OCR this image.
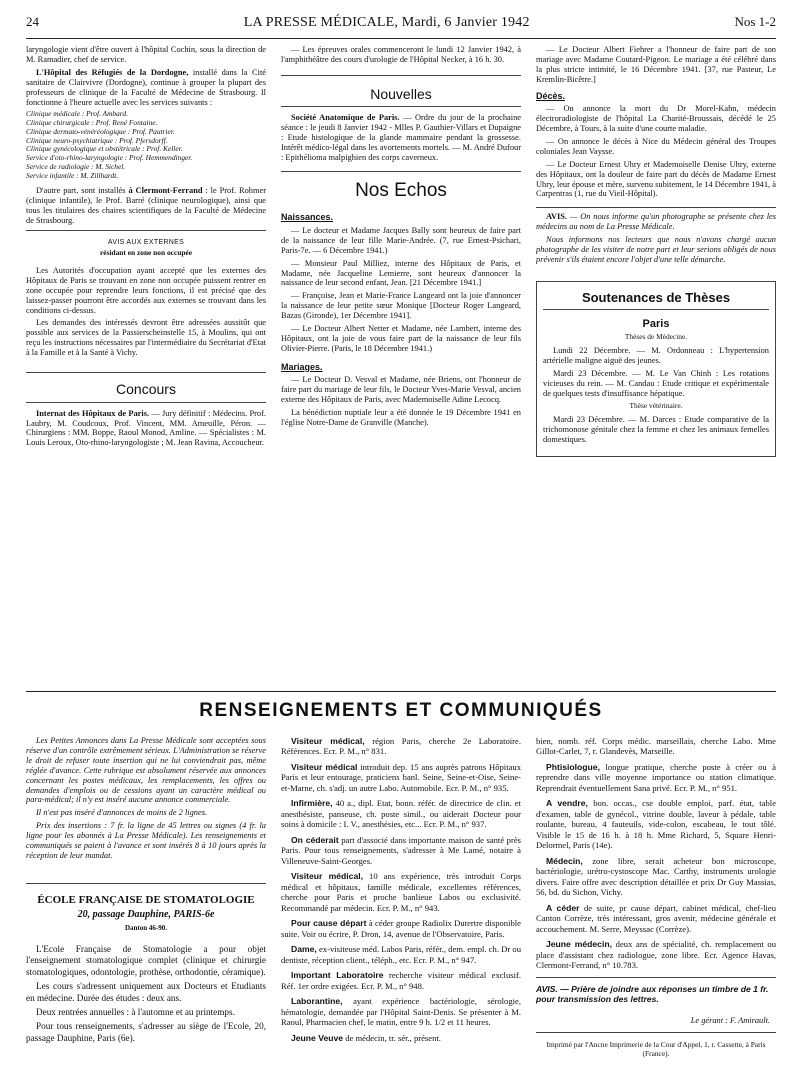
24	LA PRESSE MÉDICALE, Mardi, 6 Janvier 1942	Nos 1-2

laryngologie vient d'être ouvert à l'hôpital Cochin, sous la direction de M. Ramadier, chef de service.

L'Hôpital des Réfugiés de la Dordogne, installé dans la Cité sanitaire de Clairvivre (Dordogne), continue à grouper la plupart des professeurs de clinique de la Faculté de Médecine de Strasbourg. Il fonctionne à l'heure actuelle avec les services suivants :

Clinique médicale : Prof. Ambard.
Clinique chirurgicale : Prof. René Fontaine.
Clinique dermato-vénéréologique : Prof. Pautrier.
Clinique neuro-psychiatrique : Prof. Pfersdorff.
Clinique gynécologique et obstétricale : Prof. Keller.
Service d'oto-rhino-laryngologie : Prof. Hemmendinger.
Service de radiologie : M. Sichel.
Service infantile : M. Zillhardt.

D'autre part, sont installés à Clermont-Ferrand : le Prof. Rohmer (clinique infantile), le Prof. Barré (clinique neurologique), ainsi que tous les titulaires des chaires scientifiques de la Faculté de Médecine de Strasbourg.

AVIS AUX EXTERNES
résidant en zone non occupée

Les Autorités d'occupation ayant accepté que les externes des Hôpitaux de Paris se trouvant en zone non occupée puissent rentrer en zone occupée pour reprendre leurs fonctions, il est précisé que des laissez-passer pourront être accordés aux externes se trouvant dans les conditions ci-dessus.

Les demandes des intéressés devront être adressées aussitôt que possible aux services de la Passierscheinstelle 15, à Moulins, qui ont reçu les instructions nécessaires par l'intermédiaire du Secrétariat d'Etat à la Famille et à la Santé à Vichy.

Concours

Internat des Hôpitaux de Paris. — Jury définitif : Médecins. Prof. Laubry, M. Coudcoux, Prof. Vincent, MM. Ameuille, Péron. — Chirurgiens : MM. Boppe, Raoul Monod, Amline. — Spécialistes : M. Louis Leroux, Oto-rhino-laryngologiste ; M. Jean Ravina, Accoucheur.

— Les épreuves orales commenceront le lundi 12 Janvier 1942, à l'amphithéâtre des cours d'urologie de l'Hôpital Necker, à 16 h. 30.

Nouvelles

Société Anatomique de Paris. — Ordre du jour de la prochaine séance : le jeudi 8 Janvier 1942 - Mlles P. Gauthier-Villars et Dupaigne : Etude histologique de la glande mammaire pendant la grossesse. Intérêt médico-légal dans les avortements mortels. — M. André Dufour : Epithélioma malpighien des corps caverneux.

Nos Echos
Naissances.

— Le docteur et Madame Jacques Bally sont heureux de faire part de la naissance de leur fille Marie-Andrée. (7, rue Ernest-Psichari, Paris-7e. — 6 Décembre 1941.)

— Monsieur Paul Milliez, interne des Hôpitaux de Paris, et Madame, née Jacqueline Lemierre, sont heureux d'annoncer la naissance de leur second enfant, Jean. [21 Décembre 1941.]

— Françoise, Jean et Marie-France Langeard ont la joie d'annoncer la naissance de leur petite sœur Monique [Docteur Roger Langeard, Bazas (Gironde), 1er Décembre 1941].

— Le Docteur Albert Netter et Madame, née Lambert, interne des Hôpitaux, ont la joie de vous faire part de la naissance de leur fils Olivier-Pierre. (Paris, le 18 Décembre 1941.)

Mariages.

— Le Docteur D. Vesval et Madame, née Briens, ont l'honneur de faire part du mariage de leur fils, le Docteur Yves-Marie Vesval, ancien externe des Hôpitaux de Paris, avec Mademoiselle Adine Lecocq.

La bénédiction nuptiale leur a été donnée le 19 Décembre 1941 en l'église Notre-Dame de Granville (Manche).

— Le Docteur Albert Fiehrer a l'honneur de faire part de son mariage avec Madame Coutard-Pigeon. Le mariage a été célébré dans la plus stricte intimité, le 16 Décembre 1941. [37, rue Pasteur, Le Kremlin-Bicêtre.]

Décès.

— On annonce la mort du Dr Morel-Kahn, médecin électroradiologiste de l'hôpital La Charité-Broussais, décédé le 25 Décembre, à Tours, à la suite d'une courte maladie.

— On annonce le décès à Nice du Médecin général des Troupes coloniales Jean Vaysse.

— Le Docteur Ernest Uhry et Mademoiselle Denise Uhry, externe des Hôpitaux, ont la douleur de faire part du décès de Madame Ernest Uhry, leur épouse et mère, survenu subitement, le 14 Décembre 1941, à Carpentras (1, rue du Vieil-Hôpital).

AVIS. — On nous informe qu'un photographe se présente chez les médecins au nom de La Presse Médicale.

Nous informons nos lecteurs que nous n'avons chargé aucun photographe de les visiter de notre part et leur serions obligés de nous prévenir s'ils étaient encore l'objet d'une telle démarche.

Soutenances de Thèses
Paris
Thèses de Médecine.

Lundi 22 Décembre. — M. Ordonneau : L'hypertension artérielle maligne aiguë des jeunes.

Mardi 23 Décembre. — M. Le Van Chinh : Les rotations vicieuses du rein. — M. Candau : Etude critique et expérimentale de quelques tests d'insuffisance hépatique.

Thèse vétérinaire.

Mardi 23 Décembre. — M. Darces : Etude comparative de la trichomonose génitale chez la femme et chez les animaux femelles domestiques.

RENSEIGNEMENTS ET COMMUNIQUÉS

Les Petites Annonces dans La Presse Médicale sont acceptées sous réserve d'un contrôle extrêmement sérieux. L'Administration se réserve le droit de refuser toute insertion qui ne lui conviendrait pas, même réglée d'avance. Cette rubrique est absolument réservée aux annonces concernant les postes médicaux, les remplacements, les offres ou demandes d'emplois ou de cessions ayant un caractère médical ou para-médical; il n'y est inséré aucune annonce commerciale.

Il n'est pas inséré d'annonces de moins de 2 lignes.

Prix des insertions : 7 fr. la ligne de 45 lettres ou signes (4 fr. la ligne pour les abonnés à La Presse Médicale). Les renseignements et communiqués se paient à l'avance et sont insérés 8 à 10 jours après la réception de leur mandat.

ÉCOLE FRANÇAISE DE STOMATOLOGIE
20, passage Dauphine, PARIS-6e
Danton 46-90.

L'Ecole Française de Stomatologie a pour objet l'enseignement stomatologique complet (clinique et chirurgie stomatologiques, odontologie, prothèse, orthodontie, céramique).

Les cours s'adressent uniquement aux Docteurs et Etudiants en médecine. Durée des études : deux ans.

Deux rentrées annuelles : à l'automne et au printemps.

Pour tous renseignements, s'adresser au siège de l'Ecole, 20, passage Dauphine, Paris (6e).

Visiteur médical, région Paris, cherche 2e Laboratoire. Références. Ecr. P. M., n° 831.

Visiteur médical introduit dep. 15 ans auprès patrons Hôpitaux Paris et leur entourage, praticiens banl. Seine, Seine-et-Oise, Seine-et-Marne, ch. s'adj. un autre Labo. Automobile. Ecr. P. M., n° 935.

Infirmière, 40 a., dipl. Etat, bonn. référ. de directrice de clin. et anesthésiste, panseuse, ch. poste simil., ou aiderait Docteur pour soins à domicile : I. V., anesthésies, etc... Ecr. P. M., n° 937.

On céderait part d'associé dans importante maison de santé près Paris. Pour tous renseignements, s'adresser à Me Lamé, notaire à Villeneuve-Saint-Georges.

Visiteur médical, 10 ans expérience, très introduit Corps médical et hôpitaux, famille médicale, excellentes références, cherche pour Paris et proche banlieue Labos ou exclusivité. Recommandé par médecin. Ecr. P. M., n° 943.

Pour cause départ à céder groupe Radiolix Dutertre disponible suite. Voir ou écrire, P. Dron, 14, avenue de l'Observatoire, Paris.

Dame, ex-visiteuse méd. Labos Paris, référ., dem. empl. ch. Dr ou dentiste, réception client., téléph., etc. Ecr. P. M., n° 947.

Important Laboratoire recherche visiteur médical exclusif. Réf. 1er ordre exigées. Ecr. P. M., n° 948.

Laborantine, ayant expérience bactériologie, sérologie, hématologie, demandée par l'Hôpital Saint-Denis. Se présenter à M. Raoul, Pharmacien chef, le matin, entre 9 h. 1/2 et 11 heures.

Jeune Veuve de médecin, tr. sér., présent.

bien, nomb. réf. Corps médic. marseillais, cherche Labo. Mme Gillot-Carlet, 7, r. Glandevès, Marseille.

Phtisiologue, longue pratique, cherche poste à créer ou à reprendre dans ville moyenne importance ou station climatique. Reprendrait éventuellement Sana privé. Ecr. P. M., n° 951.

A vendre, bon. occas., cse double emploi, parf. état, table d'examen, table de gynécol., vitrine double, laveur à pédale, table roulante, bureau, 4 fauteuils, vide-colon, escabeau, le tout tôlé. Visible le 15 de 16 h. à 18 h. Mme Richard, 5, Square Henri-Delormel, Paris (14e).

Médecin, zone libre, serait acheteur bon microscope, bactériologie, urétro-cystoscope Mac. Carthy, instruments urologie divers. Faire offre avec description détaillée et prix Dr Guy Massias, 56, bd. du Sichon, Vichy.

A céder de suite, pr cause départ, cabinet médical, chef-lieu Canton Corrèze, très intéressant, gros avenir, médecine générale et accouchement. M. Serre, Meyssac (Corrèze).

Jeune médecin, deux ans de spécialité, ch. remplacement ou place d'assistant chez radiologue, zone libre. Ecr. Agence Havas, Clermont-Ferrand, n° 10.783.

AVIS. — Prière de joindre aux réponses un timbre de 1 fr. pour transmission des lettres.
Le gérant : F. Amirault.
Imprimé par l'Ancne Imprimerie de la Cour d'Appel, 1, r. Cassette, à Paris (France).
